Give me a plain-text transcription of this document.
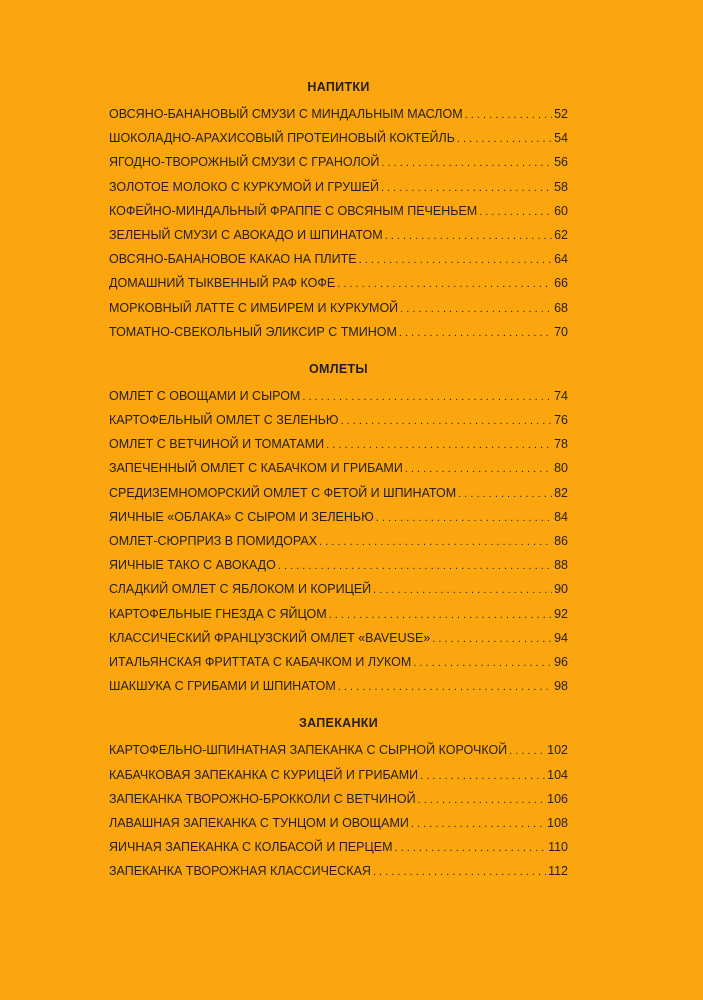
НАПИТКИ
ОВСЯНО-БАНАНОВЫЙ СМУЗИ С МИНДАЛЬНЫМ МАСЛОМ . . .	52
ШОКОЛАДНО-АРАХИСОВЫЙ ПРОТЕИНОВЫЙ КОКТЕЙЛЬ . . .	54
ЯГОДНО-ТВОРОЖНЫЙ СМУЗИ С ГРАНОЛОЙ . . .	56
ЗОЛОТОЕ МОЛОКО С КУРКУМОЙ И ГРУШЕЙ . . .	58
КОФЕЙНО-МИНДАЛЬНЫЙ ФРАППЕ С ОВСЯНЫМ ПЕЧЕНЬЕМ . . .	60
ЗЕЛЕНЫЙ СМУЗИ С АВОКАДО И ШПИНАТОМ . . .	62
ОВСЯНО-БАНАНОВОЕ КАКАО НА ПЛИТЕ . . .	64
ДОМАШНИЙ ТЫКВЕННЫЙ РАФ КОФЕ . . .	66
МОРКОВНЫЙ ЛАТТЕ С ИМБИРЕМ И КУРКУМОЙ . . .	68
ТОМАТНО-СВЕКОЛЬНЫЙ ЭЛИКСИР С ТМИНОМ . . .	70
ОМЛЕТЫ
ОМЛЕТ С ОВОЩАМИ И СЫРОМ . . .	74
КАРТОФЕЛЬНЫЙ ОМЛЕТ С ЗЕЛЕНЬЮ . . .	76
ОМЛЕТ С ВЕТЧИНОЙ И ТОМАТАМИ . . .	78
ЗАПЕЧЕННЫЙ ОМЛЕТ С КАБАЧКОМ И ГРИБАМИ . . .	80
СРЕДИЗЕМНОМОРСКИЙ ОМЛЕТ С ФЕТОЙ И ШПИНАТОМ . . .	82
ЯИЧНЫЕ «ОБЛАКА» С СЫРОМ И ЗЕЛЕНЬЮ . . .	84
ОМЛЕТ-СЮРПРИЗ В ПОМИДОРАХ . . .	86
ЯИЧНЫЕ ТАКО С АВОКАДО . . .	88
СЛАДКИЙ ОМЛЕТ С ЯБЛОКОМ И КОРИЦЕЙ . . .	90
КАРТОФЕЛЬНЫЕ ГНЕЗДА С ЯЙЦОМ . . .	92
КЛАССИЧЕСКИЙ ФРАНЦУЗСКИЙ ОМЛЕТ «BAVEUSE» . . .	94
ИТАЛЬЯНСКАЯ ФРИТТАТА С КАБАЧКОМ И ЛУКОМ . . .	96
ШАКШУКА С ГРИБАМИ И ШПИНАТОМ . . .	98
ЗАПЕКАНКИ
КАРТОФЕЛЬНО-ШПИНАТНАЯ ЗАПЕКАНКА С СЫРНОЙ КОРОЧКОЙ . . .	102
КАБАЧКОВАЯ ЗАПЕКАНКА С КУРИЦЕЙ И ГРИБАМИ . . .	104
ЗАПЕКАНКА ТВОРОЖНО-БРОККОЛИ С ВЕТЧИНОЙ . . .	106
ЛАВАШНАЯ ЗАПЕКАНКА С ТУНЦОМ И ОВОЩАМИ . . .	108
ЯИЧНАЯ ЗАПЕКАНКА С КОЛБАСОЙ И ПЕРЦЕМ . . .	110
ЗАПЕКАНКА ТВОРОЖНАЯ КЛАССИЧЕСКАЯ . . .	112
